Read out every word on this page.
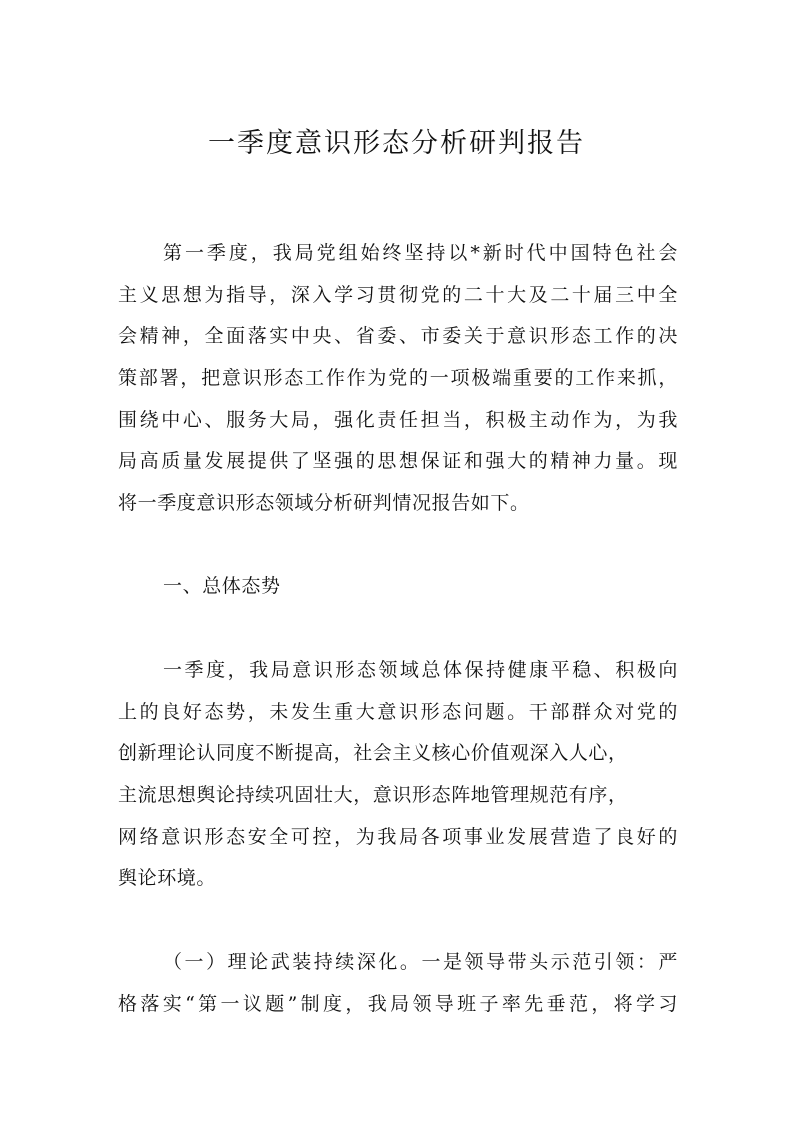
一季度意识形态分析研判报告
第一季度，我局党组始终坚持以*新时代中国特色社会
主义思想为指导，深入学习贯彻党的二十大及二十届三中全
会精神，全面落实中央、省委、市委关于意识形态工作的决
策部署，把意识形态工作作为党的一项极端重要的工作来抓，
围绕中心、服务大局，强化责任担当，积极主动作为，为我
局高质量发展提供了坚强的思想保证和强大的精神力量。现
将一季度意识形态领域分析研判情况报告如下。
一、总体态势
一季度，我局意识形态领域总体保持健康平稳、积极向
上的良好态势，未发生重大意识形态问题。干部群众对党的
创新理论认同度不断提高，社会主义核心价值观深入人心，
主流思想舆论持续巩固壮大，意识形态阵地管理规范有序，
网络意识形态安全可控，为我局各项事业发展营造了良好的
舆论环境。
（一）理论武装持续深化。一是领导带头示范引领：严
格落实“第一议题”制度，我局领导班子率先垂范，将学习
